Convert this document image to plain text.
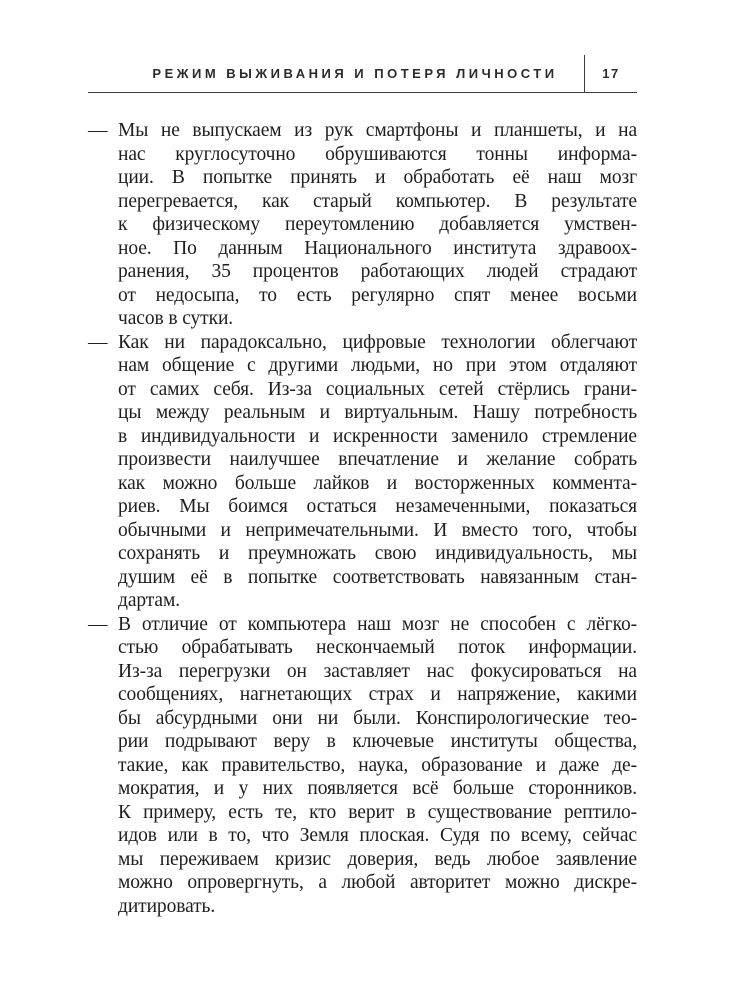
РЕЖИМ ВЫЖИВАНИЯ И ПОТЕРЯ ЛИЧНОСТИ	17
— Мы не выпускаем из рук смартфоны и планшеты, и на
нас круглосуточно обрушиваются тонны информа-
ции. В попытке принять и обработать её наш мозг
перегревается, как старый компьютер. В результате
к физическому переутомлению добавляется умствен-
ное. По данным Национального института здравоох-
ранения, 35 процентов работающих людей страдают
от недосыпа, то есть регулярно спят менее восьми
часов в сутки.
— Как ни парадоксально, цифровые технологии облегчают
нам общение с другими людьми, но при этом отдаляют
от самих себя. Из-за социальных сетей стёрлись грани-
цы между реальным и виртуальным. Нашу потребность
в индивидуальности и искренности заменило стремление
произвести наилучшее впечатление и желание собрать
как можно больше лайков и восторженных коммента-
риев. Мы боимся остаться незамеченными, показаться
обычными и непримечательными. И вместо того, чтобы
сохранять и преумножать свою индивидуальность, мы
душим её в попытке соответствовать навязанным стан-
дартам.
— В отличие от компьютера наш мозг не способен с лёгко-
стью обрабатывать нескончаемый поток информации.
Из-за перегрузки он заставляет нас фокусироваться на
сообщениях, нагнетающих страх и напряжение, какими
бы абсурдными они ни были. Конспирологические тео-
рии подрывают веру в ключевые институты общества,
такие, как правительство, наука, образование и даже де-
мократия, и у них появляется всё больше сторонников.
К примеру, есть те, кто верит в существование рептило-
идов или в то, что Земля плоская. Судя по всему, сейчас
мы переживаем кризис доверия, ведь любое заявление
можно опровергнуть, а любой авторитет можно дискре-
дитировать.
